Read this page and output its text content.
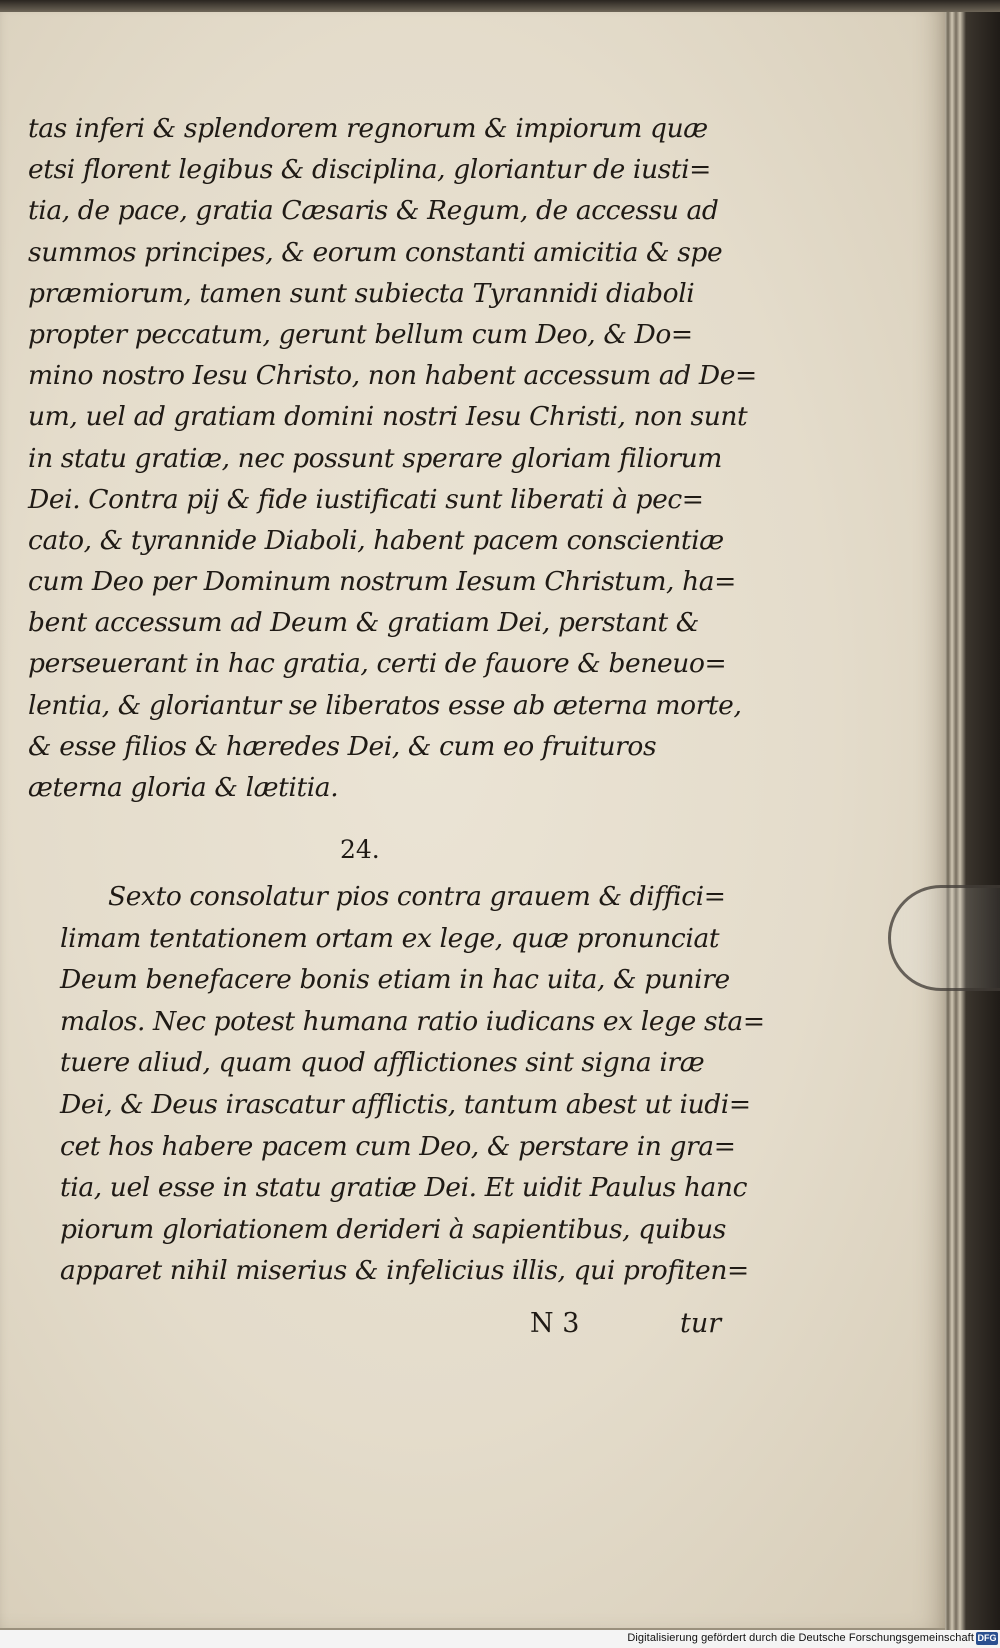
tas inferi & splendorem regnorum & impiorum quæ
etsi florent legibus & disciplina, gloriantur de iusti=
tia, de pace, gratia Cæsaris & Regum, de accessu ad
summos principes, & eorum constanti amicitia & spe
præmiorum, tamen sunt subiecta Tyrannidi diaboli
propter peccatum, gerunt bellum cum Deo, & Do=
mino nostro Iesu Christo, non habent accessum ad De=
um, uel ad gratiam domini nostri Iesu Christi, non sunt
in statu gratiæ, nec possunt sperare gloriam filiorum
Dei. Contra pij & fide iustificati sunt liberati à pec=
cato, & tyrannide Diaboli, habent pacem conscientiæ
cum Deo per Dominum nostrum Iesum Christum, ha=
bent accessum ad Deum & gratiam Dei, perstant &
perseuerant in hac gratia, certi de fauore & beneuo=
lentia, & gloriantur se liberatos esse ab æterna morte,
& esse filios & hæredes Dei, & cum eo fruituros
æterna gloria & lætitia.
24.
Sexto consolatur pios contra grauem & diffici=
limam tentationem ortam ex lege, quæ pronunciat
Deum benefacere bonis etiam in hac uita, & punire
malos. Nec potest humana ratio iudicans ex lege sta=
tuere aliud, quam quod afflictiones sint signa iræ
Dei, & Deus irascatur afflictis, tantum abest ut iudi=
cet hos habere pacem cum Deo, & perstare in gra=
tia, uel esse in statu gratiæ Dei. Et uidit Paulus hanc
piorum gloriationem derideri à sapientibus, quibus
apparet nihil miserius & infelicius illis, qui profiten=
N 3	tur
Digitalisierung gefördert durch die Deutsche Forschungsgemeinschaft DFG
